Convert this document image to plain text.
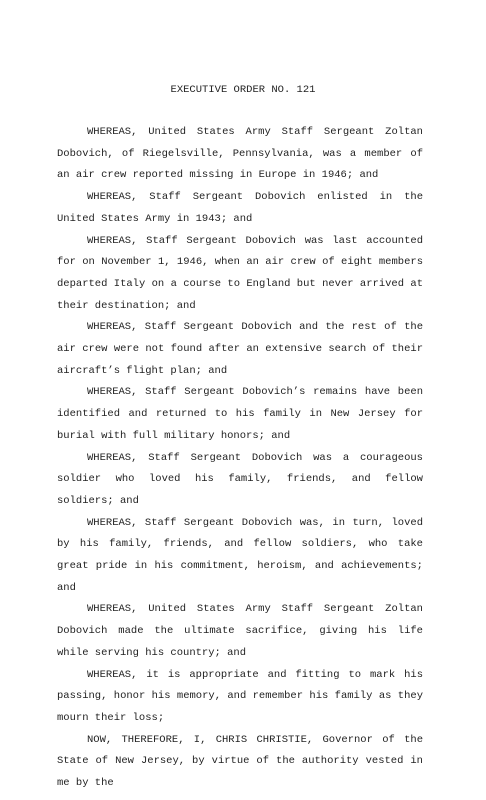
EXECUTIVE ORDER NO. 121

WHEREAS, United States Army Staff Sergeant Zoltan Dobovich, of Riegelsville, Pennsylvania, was a member of an air crew reported missing in Europe in 1946; and

WHEREAS, Staff Sergeant Dobovich enlisted in the United States Army in 1943; and

WHEREAS, Staff Sergeant Dobovich was last accounted for on November 1, 1946, when an air crew of eight members departed Italy on a course to England but never arrived at their destination; and

WHEREAS, Staff Sergeant Dobovich and the rest of the air crew were not found after an extensive search of their aircraft’s flight plan; and

WHEREAS, Staff Sergeant Dobovich’s remains have been identified and returned to his family in New Jersey for burial with full military honors; and

WHEREAS, Staff Sergeant Dobovich was a courageous soldier who loved his family, friends, and fellow soldiers; and

WHEREAS, Staff Sergeant Dobovich was, in turn, loved by his family, friends, and fellow soldiers, who take great pride in his commitment, heroism, and achievements; and

WHEREAS, United States Army Staff Sergeant Zoltan Dobovich made the ultimate sacrifice, giving his life while serving his country; and

WHEREAS, it is appropriate and fitting to mark his passing, honor his memory, and remember his family as they mourn their loss;

NOW, THEREFORE, I, CHRIS CHRISTIE, Governor of the State of New Jersey, by virtue of the authority vested in me by the
